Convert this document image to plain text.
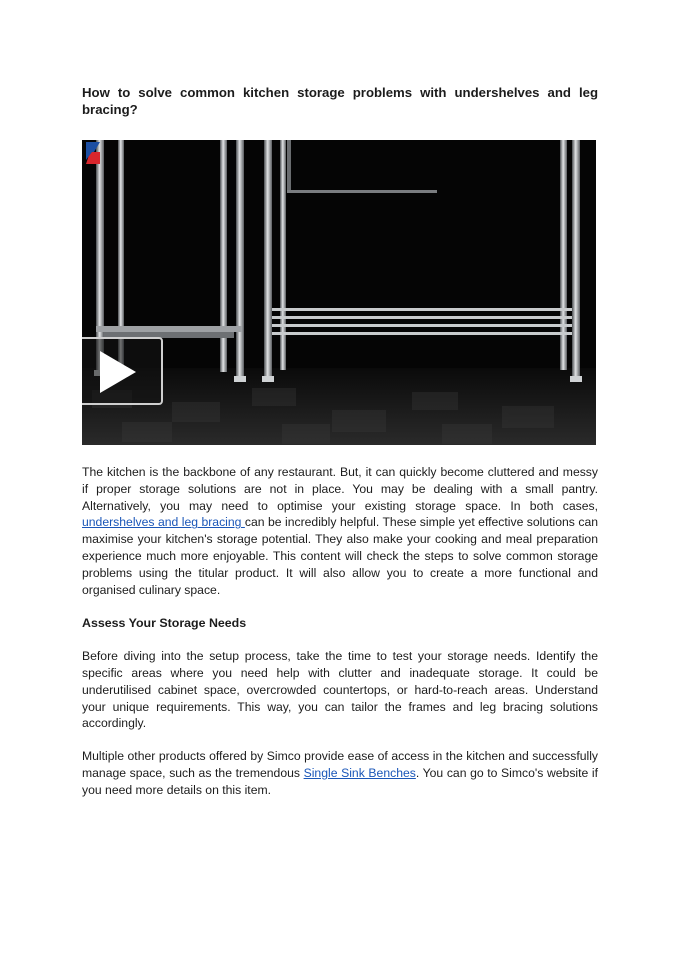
How to solve common kitchen storage problems with undershelves and leg bracing?

The kitchen is the backbone of any restaurant. But, it can quickly become cluttered and messy if proper storage solutions are not in place. You may be dealing with a small pantry. Alternatively, you may need to optimise your existing storage space. In both cases, undershelves and leg bracing can be incredibly helpful. These simple yet effective solutions can maximise your kitchen's storage potential. They also make your cooking and meal preparation experience much more enjoyable. This content will check the steps to solve common storage problems using the titular product. It will also allow you to create a more functional and organised culinary space.

Assess Your Storage Needs

Before diving into the setup process, take the time to test your storage needs. Identify the specific areas where you need help with clutter and inadequate storage. It could be underutilised cabinet space, overcrowded countertops, or hard-to-reach areas. Understand your unique requirements. This way, you can tailor the frames and leg bracing solutions accordingly.

Multiple other products offered by Simco provide ease of access in the kitchen and successfully manage space, such as the tremendous Single Sink Benches. You can go to Simco's website if you need more details on this item.
